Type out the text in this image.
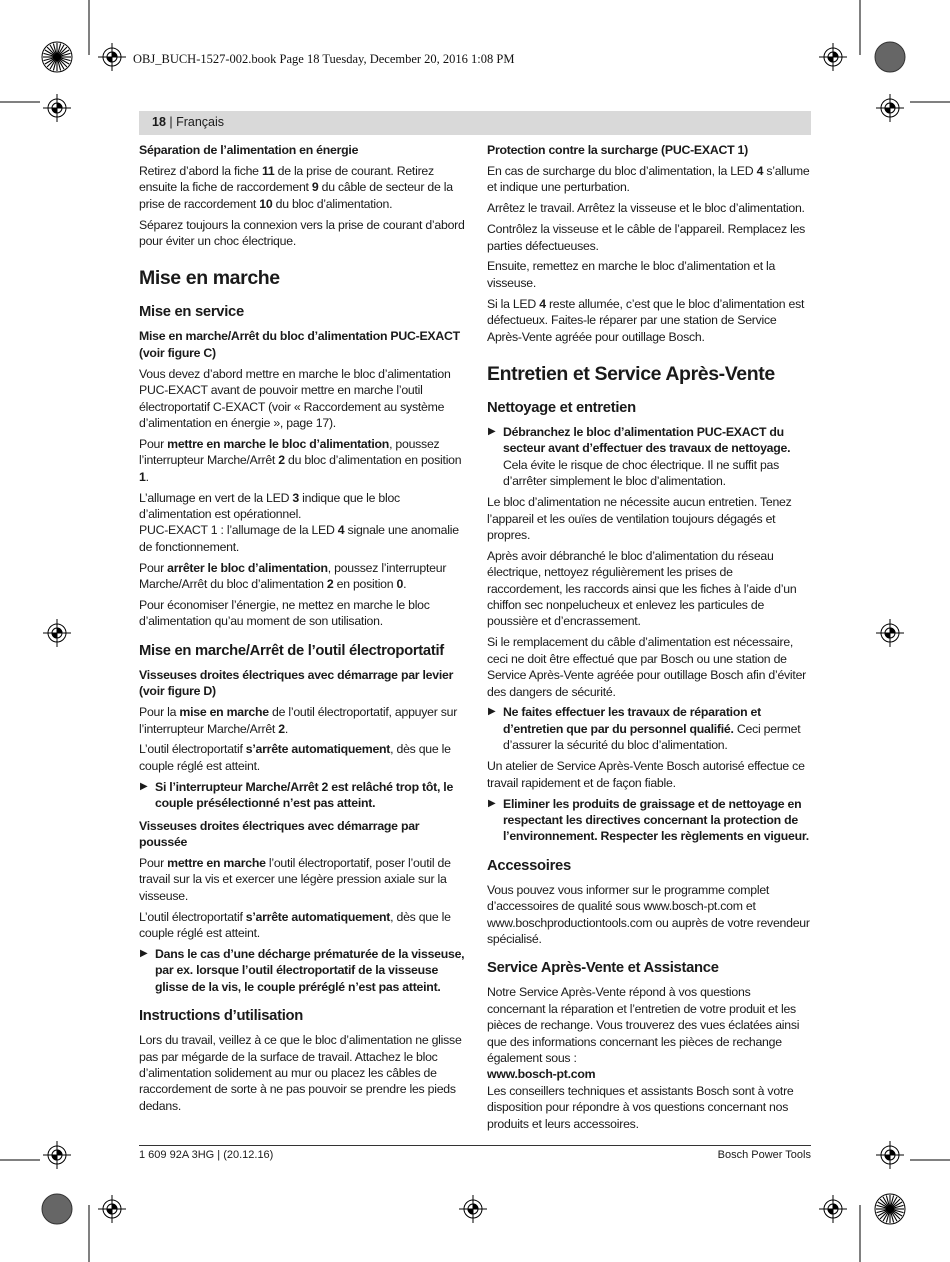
OBJ_BUCH-1527-002.book Page 18 Tuesday, December 20, 2016 1:08 PM
18 | Français

Séparation de l’alimentation en énergie

Retirez d’abord la fiche 11 de la prise de courant. Retirez ensuite la fiche de raccordement 9 du câble de secteur de la prise de raccordement 10 du bloc d’alimentation.

Séparez toujours la connexion vers la prise de courant d’abord pour éviter un choc électrique.

Mise en marche
Mise en service

Mise en marche/Arrêt du bloc d’alimentation PUC-EXACT (voir figure C)

Vous devez d’abord mettre en marche le bloc d’alimentation PUC-EXACT avant de pouvoir mettre en marche l’outil électroportatif C-EXACT (voir « Raccordement au système d’alimentation en énergie », page 17).

Pour mettre en marche le bloc d’alimentation, poussez l’interrupteur Marche/Arrêt 2 du bloc d’alimentation en position 1.

L’allumage en vert de la LED 3 indique que le bloc d’alimentation est opérationnel.

PUC-EXACT 1 : l’allumage de la LED 4 signale une anomalie de fonctionnement.

Pour arrêter le bloc d’alimentation, poussez l’interrupteur Marche/Arrêt du bloc d’alimentation 2 en position 0.

Pour économiser l’énergie, ne mettez en marche le bloc d’alimentation qu’au moment de son utilisation.

Mise en marche/Arrêt de l’outil électroportatif

Visseuses droites électriques avec démarrage par levier (voir figure D)

Pour la mise en marche de l’outil électroportatif, appuyer sur l’interrupteur Marche/Arrêt 2.

L’outil électroportatif s’arrête automatiquement, dès que le couple réglé est atteint.

▶ Si l’interrupteur Marche/Arrêt 2 est relâché trop tôt, le couple présélectionné n’est pas atteint.

Visseuses droites électriques avec démarrage par poussée

Pour mettre en marche l’outil électroportatif, poser l’outil de travail sur la vis et exercer une légère pression axiale sur la visseuse.

L’outil électroportatif s’arrête automatiquement, dès que le couple réglé est atteint.

▶ Dans le cas d’une décharge prématurée de la visseuse, par ex. lorsque l’outil électroportatif de la visseuse glisse de la vis, le couple préréglé n’est pas atteint.
Instructions d’utilisation

Lors du travail, veillez à ce que le bloc d’alimentation ne glisse pas par mégarde de la surface de travail. Attachez le bloc d’alimentation solidement au mur ou placez les câbles de raccordement de sorte à ne pas pouvoir se prendre les pieds dedans.

Protection contre la surcharge (PUC-EXACT 1)

En cas de surcharge du bloc d’alimentation, la LED 4 s’allume et indique une perturbation.

Arrêtez le travail. Arrêtez la visseuse et le bloc d’alimentation.

Contrôlez la visseuse et le câble de l’appareil. Remplacez les parties défectueuses.

Ensuite, remettez en marche le bloc d’alimentation et la visseuse.

Si la LED 4 reste allumée, c’est que le bloc d’alimentation est défectueux. Faites-le réparer par une station de Service Après-Vente agréée pour outillage Bosch.

Entretien et Service Après-Vente
Nettoyage et entretien
▶ Débranchez le bloc d’alimentation PUC-EXACT du secteur avant d’effectuer des travaux de nettoyage. Cela évite le risque de choc électrique. Il ne suffit pas d’arrêter simplement le bloc d’alimentation.

Le bloc d’alimentation ne nécessite aucun entretien. Tenez l’appareil et les ouïes de ventilation toujours dégagés et propres.

Après avoir débranché le bloc d’alimentation du réseau électrique, nettoyez régulièrement les prises de raccordement, les raccords ainsi que les fiches à l’aide d’un chiffon sec nonpelucheux et enlevez les particules de poussière et d’encrassement.

Si le remplacement du câble d’alimentation est nécessaire, ceci ne doit être effectué que par Bosch ou une station de Service Après-Vente agréée pour outillage Bosch afin d’éviter des dangers de sécurité.

▶ Ne faites effectuer les travaux de réparation et d’entretien que par du personnel qualifié. Ceci permet d’assurer la sécurité du bloc d’alimentation.

Un atelier de Service Après-Vente Bosch autorisé effectue ce travail rapidement et de façon fiable.

▶ Eliminer les produits de graissage et de nettoyage en respectant les directives concernant la protection de l’environnement. Respecter les règlements en vigueur.
Accessoires

Vous pouvez vous informer sur le programme complet d’accessoires de qualité sous www.bosch-pt.com et www.boschproductiontools.com ou auprès de votre revendeur spécialisé.

Service Après-Vente et Assistance

Notre Service Après-Vente répond à vos questions concernant la réparation et l’entretien de votre produit et les pièces de rechange. Vous trouverez des vues éclatées ainsi que des informations concernant les pièces de rechange également sous :

www.bosch-pt.com

Les conseillers techniques et assistants Bosch sont à votre disposition pour répondre à vos questions concernant nos produits et leurs accessoires.

1 609 92A 3HG | (20.12.16)	Bosch Power Tools
